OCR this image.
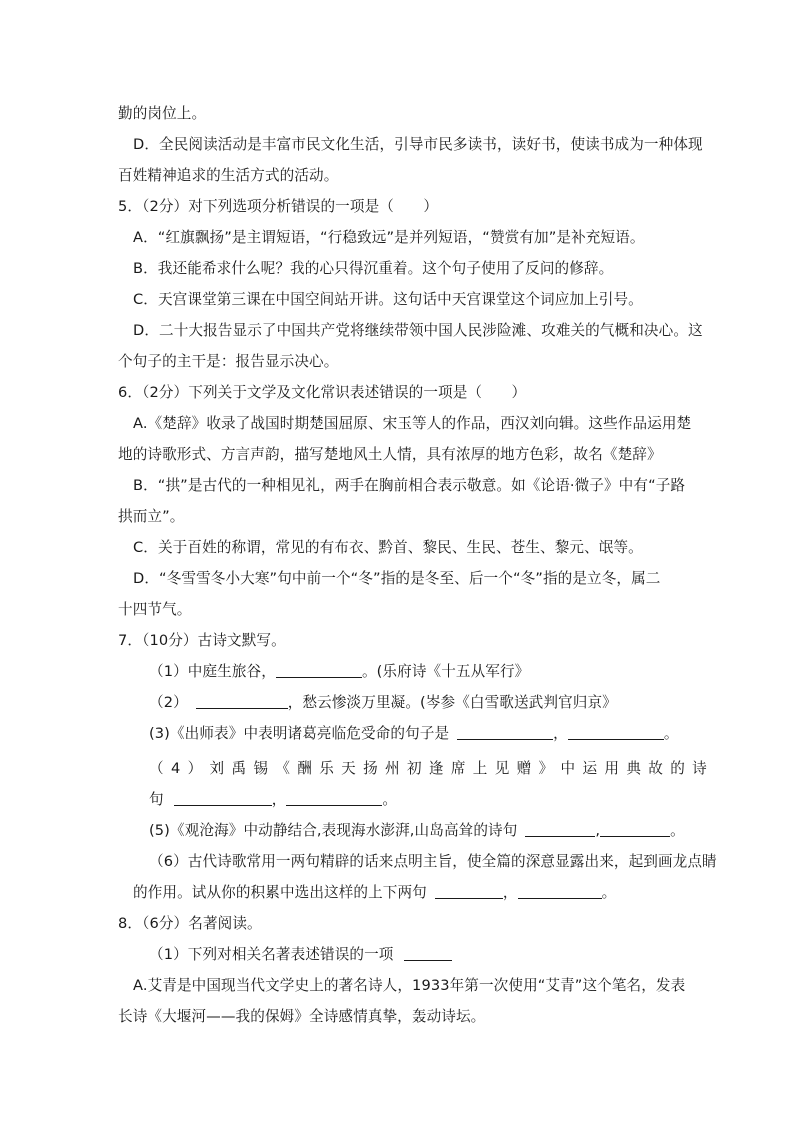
勤的岗位上。
D．全民阅读活动是丰富市民文化生活，引导市民多读书，读好书，使读书成为一种体现
百姓精神追求的生活方式的活动。
5．（2分）对下列选项分析错误的一项是（　　）
A．“红旗飘扬”是主谓短语，“行稳致远”是并列短语，“赞赏有加”是补充短语。
B．我还能希求什么呢？我的心只得沉重着。这个句子使用了反问的修辞。
C．天宫课堂第三课在中国空间站开讲。这句话中天宫课堂这个词应加上引号。
D．二十大报告显示了中国共产党将继续带领中国人民涉险滩、攻难关的气概和决心。这
个句子的主干是：报告显示决心。
6．（2分）下列关于文学及文化常识表述错误的一项是（　　）
A.《楚辞》收录了战国时期楚国屈原、宋玉等人的作品，西汉刘向辑。这些作品运用楚
地的诗歌形式、方言声韵，描写楚地风土人情，具有浓厚的地方色彩，故名《楚辞》
B．“拱”是古代的一种相见礼，两手在胸前相合表示敬意。如《论语·微子》中有“子路
拱而立”。
C．关于百姓的称谓，常见的有布衣、黔首、黎民、生民、苍生、黎元、氓等。
D．“冬雪雪冬小大寒”句中前一个“冬”指的是冬至、后一个“冬”指的是立冬，属二
十四节气。
7．（10分）古诗文默写。
（1）中庭生旅谷，	。(乐府诗《十五从军行》
（2）	，愁云惨淡万里凝。(岑参《白雪歌送武判官归京》
(3)《出师表》中表明诸葛亮临危受命的句子是	，	。
（ 4 ） 刘 禹 锡 《 酬 乐 天 扬 州 初 逢 席 上 见 赠 》 中 运 用 典 故 的 诗
句	，	。
(5)《观沧海》中动静结合,表现海水澎湃,山岛高耸的诗句	,	。
（6）古代诗歌常用一两句精辟的话来点明主旨，使全篇的深意显露出来，起到画龙点睛
的作用。试从你的积累中选出这样的上下两句	，	。
8．（6分）名著阅读。
（1）下列对相关名著表述错误的一项
A.艾青是中国现当代文学史上的著名诗人，1933年第一次使用“艾青”这个笔名，发表
长诗《大堰河——我的保姆》全诗感情真挚，轰动诗坛。
